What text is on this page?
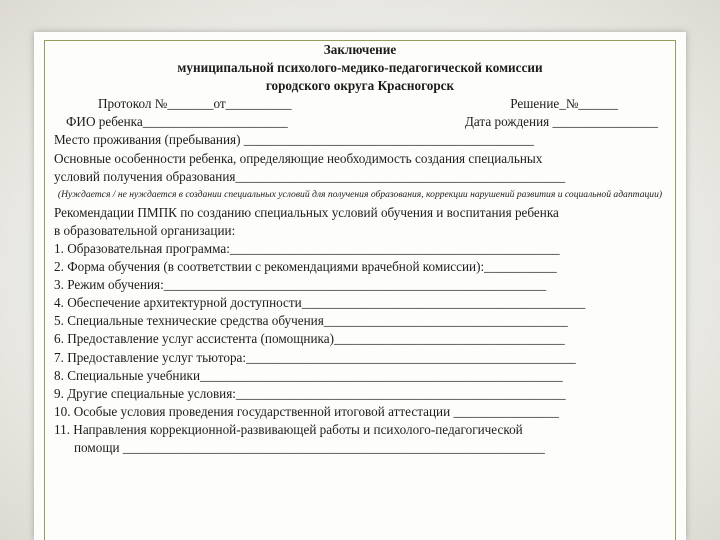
Заключение
муниципальной психолого-медико-педагогической комиссии
городского округа Красногорск
Протокол №_______от__________	Решение_№______
ФИО ребенка______________________	Дата рождения ________________
Место проживания (пребывания) ____________________________________________
Основные особенности ребенка, определяющие необходимость создания специальных
условий получения образования__________________________________________________
(Нуждается / не нуждается в создании специальных условий для получения образования, коррекции нарушений развития и социальной адаптации)
Рекомендации ПМПК по созданию специальных условий обучения и воспитания ребенка
в образовательной организации:
1. Образовательная программа:__________________________________________________
2. Форма обучения (в соответствии с рекомендациями врачебной комиссии):___________
3. Режим обучения:__________________________________________________________
4. Обеспечение архитектурной доступности___________________________________________
5. Специальные технические средства обучения_____________________________________
6. Предоставление услуг ассистента (помощника)___________________________________
7. Предоставление услуг тьютора:__________________________________________________
8. Специальные учебники_______________________________________________________
9. Другие специальные условия:__________________________________________________
10. Особые условия проведения государственной итоговой аттестации ________________
11. Направления коррекционной-развивающей работы и психолого-педагогической
помощи ________________________________________________________________
